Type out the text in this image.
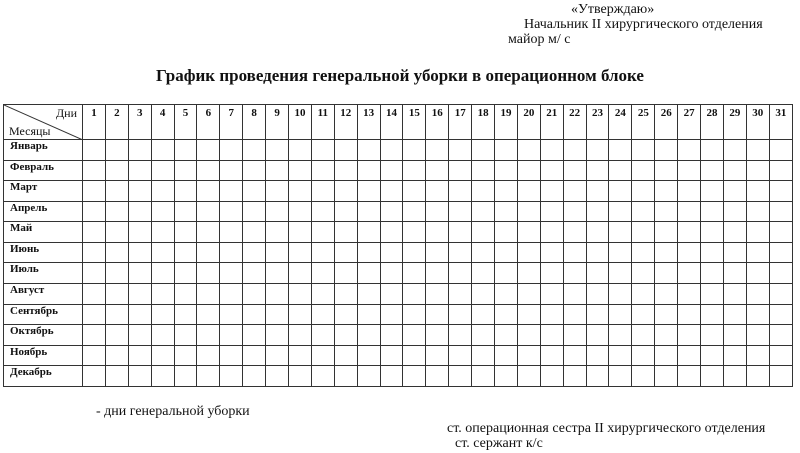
«Утверждаю»
Начальник II хирургического отделения
майор м/ с
График проведения генеральной уборки в операционном блоке
Дни
Месяцы	1	2	3	4	5	6	7	8	9	10	11	12	13	14	15	16	17	18	19	20	21	22	23	24	25	26	27	28	29	30	31
Январь																															
Февраль																															
Март																															
Апрель																															
Май																															
Июнь																															
Июль																															
Август																															
Сентябрь																															
Октябрь																															
Ноябрь																															
Декабрь																															
- дни генеральной уборки
ст. операционная сестра II хирургического отделения
ст. сержант к/с
